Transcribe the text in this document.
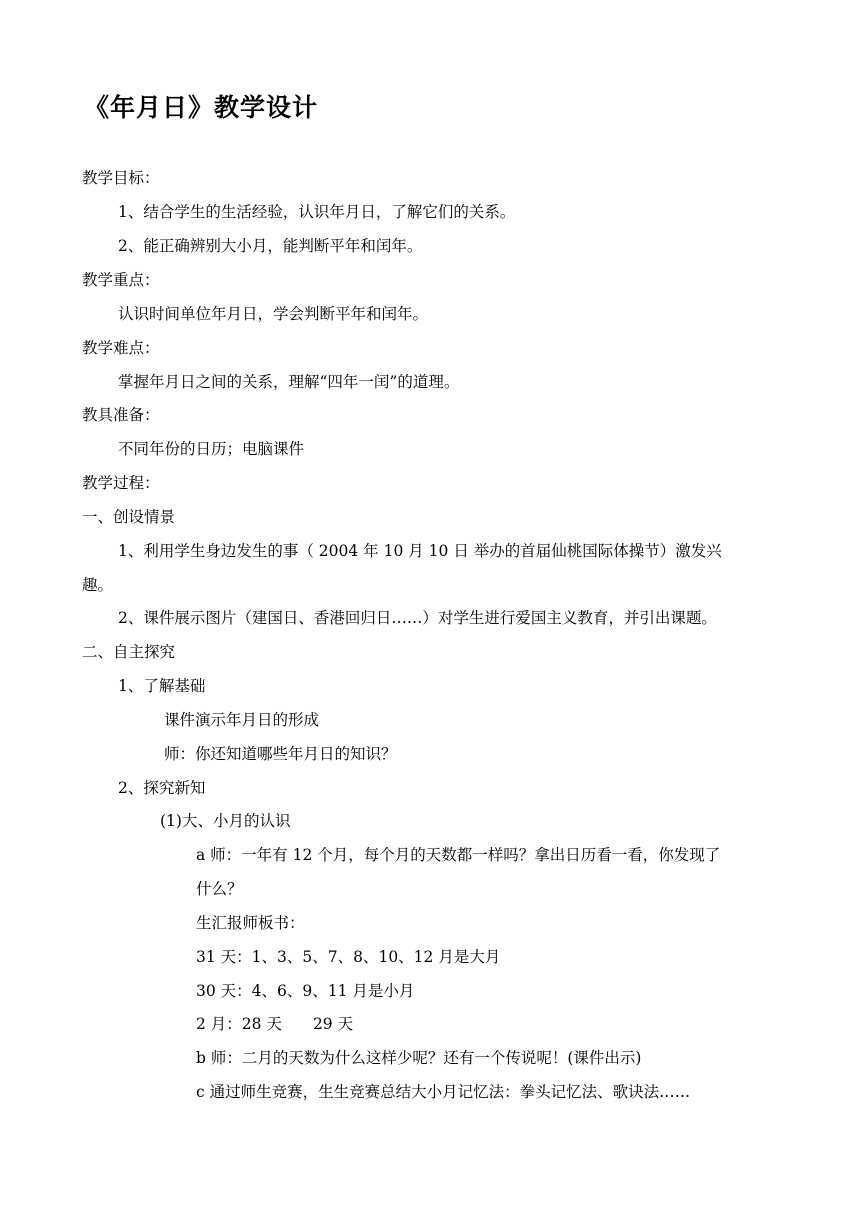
《年月日》教学设计
教学目标：
1、结合学生的生活经验，认识年月日，了解它们的关系。
2、能正确辨别大小月，能判断平年和闰年。
教学重点：
认识时间单位年月日，学会判断平年和闰年。
教学难点：
掌握年月日之间的关系，理解“四年一闰”的道理。
教具准备：
不同年份的日历；电脑课件
教学过程：
一、创设情景
1、利用学生身边发生的事（ 2004 年 10 月 10 日 举办的首届仙桃国际体操节）激发兴
趣。
2、课件展示图片（建国日、香港回归日……）对学生进行爱国主义教育，并引出课题。
二、自主探究
1、了解基础
课件演示年月日的形成
师：你还知道哪些年月日的知识？
2、探究新知
(1)大、小月的认识
a 师：一年有 12 个月，每个月的天数都一样吗？拿出日历看一看，你发现了
什么？
生汇报师板书：
31 天：1、3、5、7、8、10、12 月是大月
30 天：4、6、9、11 月是小月
2 月：28 天　　29 天
b 师：二月的天数为什么这样少呢？还有一个传说呢！(课件出示)
c 通过师生竞赛，生生竞赛总结大小月记忆法：拳头记忆法、歌诀法……
